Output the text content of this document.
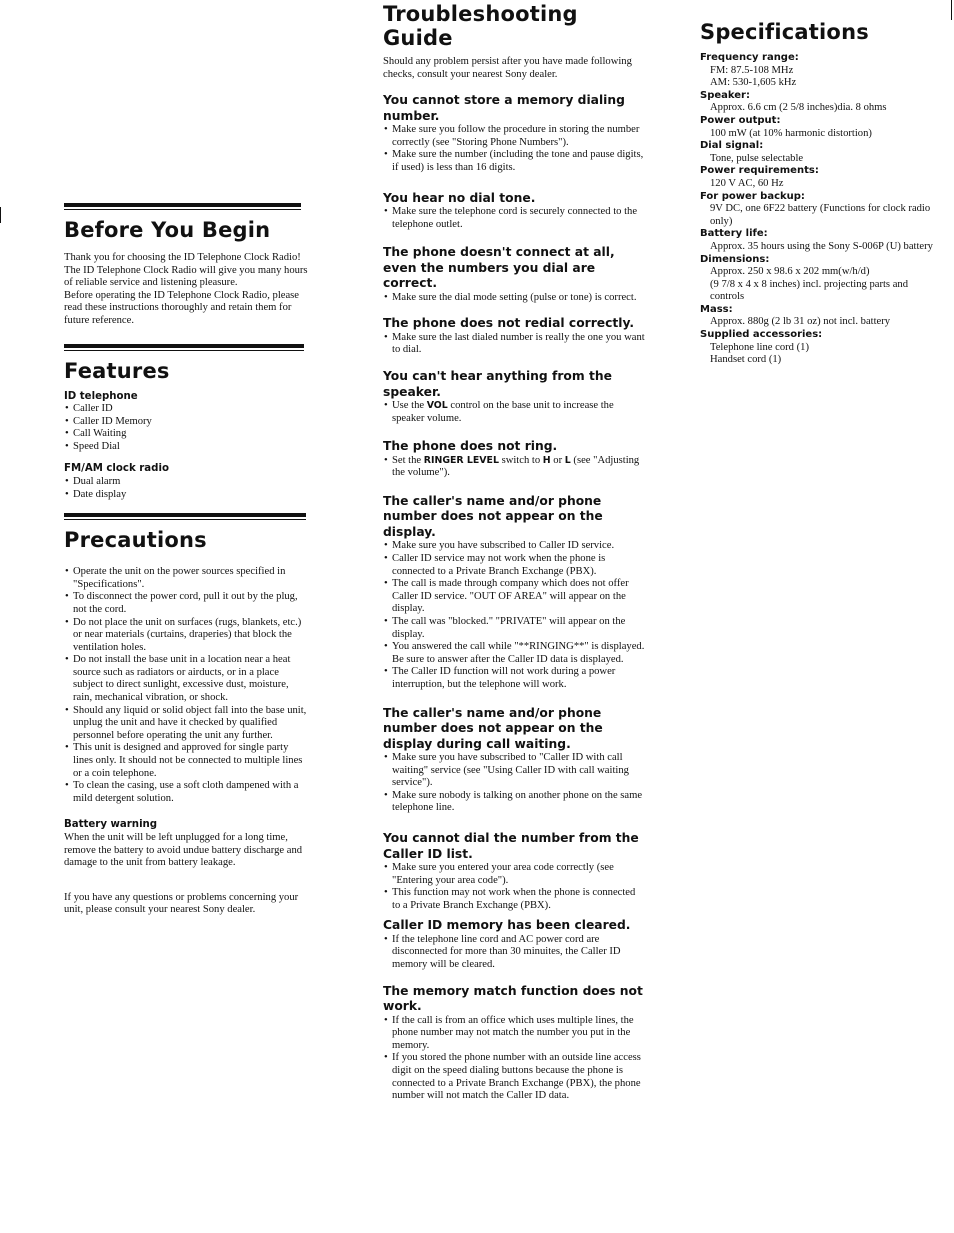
Before You Begin

Thank you for choosing the ID Telephone Clock Radio! The ID Telephone Clock Radio will give you many hours of reliable service and listening pleasure.

Before operating the ID Telephone Clock Radio, please read these instructions thoroughly and retain them for future reference.

Features
ID telephone
• Caller ID
• Caller ID Memory
• Call Waiting
• Speed Dial
FM/AM clock radio
• Dual alarm
• Date display
Precautions
• Operate the unit on the power sources specified in "Specifications".
• To disconnect the power cord, pull it out by the plug, not the cord.
• Do not place the unit on surfaces (rugs, blankets, etc.) or near materials (curtains, draperies) that block the ventilation holes.
• Do not install the base unit in a location near a heat source such as radiators or airducts, or in a place subject to direct sunlight, excessive dust, moisture, rain, mechanical vibration, or shock.
• Should any liquid or solid object fall into the base unit, unplug the unit and have it checked by qualified personnel before operating the unit any further.
• This unit is designed and approved for single party lines only. It should not be connected to multiple lines or a coin telephone.
• To clean the casing, use a soft cloth dampened with a mild detergent solution.
Battery warning

When the unit will be left unplugged for a long time, remove the battery to avoid undue battery discharge and damage to the unit from battery leakage.

If you have any questions or problems concerning your unit, please consult your nearest Sony dealer.

Troubleshooting
Guide

Should any problem persist after you have made following checks, consult your nearest Sony dealer.

You cannot store a memory dialing number.
• Make sure you follow the procedure in storing the number correctly (see "Storing Phone Numbers").
• Make sure the number (including the tone and pause digits, if used) is less than 16 digits.
You hear no dial tone.
• Make sure the telephone cord is securely connected to the telephone outlet.
The phone doesn't connect at all, even the numbers you dial are correct.
• Make sure the dial mode setting (pulse or tone) is correct.
The phone does not redial correctly.
• Make sure the last dialed number is really the one you want to dial.
You can't hear anything from the speaker.
• Use the VOL control on the base unit to increase the speaker volume.
The phone does not ring.
• Set the RINGER LEVEL switch to H or L (see "Adjusting the volume").
The caller's name and/or phone number does not appear on the display.
• Make sure you have subscribed to Caller ID service.
• Caller ID service may not work when the phone is connected to a Private Branch Exchange (PBX).
• The call is made through company which does not offer Caller ID service. "OUT OF AREA" will appear on the display.
• The call was "blocked." "PRIVATE" will appear on the display.
• You answered the call while "**RINGING**" is displayed. Be sure to answer after the Caller ID data is displayed.
• The Caller ID function will not work during a power interruption, but the telephone will work.
The caller's name and/or phone number does not appear on the display during call waiting.
• Make sure you have subscribed to "Caller ID with call waiting" service (see "Using Caller ID with call waiting service").
• Make sure nobody is talking on another phone on the same telephone line.
You cannot dial the number from the Caller ID list.
• Make sure you entered your area code correctly (see "Entering your area code").
• This function may not work when the phone is connected to a Private Branch Exchange (PBX).
Caller ID memory has been cleared.
• If the telephone line cord and AC power cord are disconnected for more than 30 minuites, the Caller ID memory will be cleared.
The memory match function does not work.
• If the call is from an office which uses multiple lines, the phone number may not match the number you put in the memory.
• If you stored the phone number with an outside line access digit on the speed dialing buttons because the phone is connected to a Private Branch Exchange (PBX), the phone number will not match the Caller ID data.
Specifications
Frequency range:
FM: 87.5-108 MHz
AM: 530-1,605 kHz
Speaker:
Approx. 6.6 cm (2 5/8 inches)dia. 8 ohms
Power output:
100 mW (at 10% harmonic distortion)
Dial signal:
Tone, pulse selectable
Power requirements:
120 V AC, 60 Hz
For power backup:
9V DC, one 6F22 battery (Functions for clock radio only)
Battery life:
Approx. 35 hours using the Sony S-006P (U) battery
Dimensions:
Approx. 250 x 98.6 x 202 mm(w/h/d)
(9 7/8 x 4 x 8 inches) incl. projecting parts and controls
Mass:
Approx. 880g (2 lb 31 oz) not incl. battery
Supplied accessories:
Telephone line cord (1)
Handset cord (1)
